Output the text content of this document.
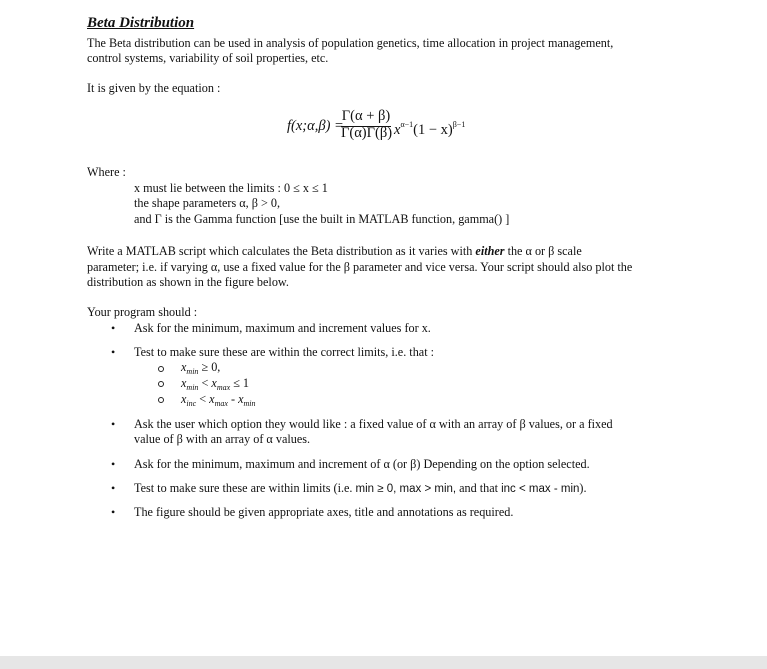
Beta Distribution
The Beta distribution can be used in analysis of population genetics, time allocation in project management,
control systems, variability of soil properties, etc.
It is given by the equation :
f(x;α,β) =
Γ(α + β)
Γ(α)Γ(β) $x^{\alpha-1}(1 - x)^{\beta-1}$
Where :
x must lie between the limits : 0 ≤ x ≤ 1
the shape parameters α, β > 0,
and Γ is the Gamma function [use the built in MATLAB function, gamma() ]
Write a MATLAB script which calculates the Beta distribution as it varies with either the α or β scale
parameter; i.e. if varying α, use a fixed value for the β parameter and vice versa. Your script should also plot the
distribution as shown in the figure below.
Your program should :
• Ask for the minimum, maximum and increment values for x.
• Test to make sure these are within the correct limits, i.e. that :
$x_{min} \ge 0$,
$x_{min} < x_{max} \le 1$
$x_{inc} < x_{max} - x_{min}$
• Ask the user which option they would like : a fixed value of α with an array of β values, or a fixed
value of β with an array of α values.
• Ask for the minimum, maximum and increment of α (or β) Depending on the option selected.
• Test to make sure these are within limits (i.e. min ≥ 0, max > min, and that inc < max - min).
• The figure should be given appropriate axes, title and annotations as required.
